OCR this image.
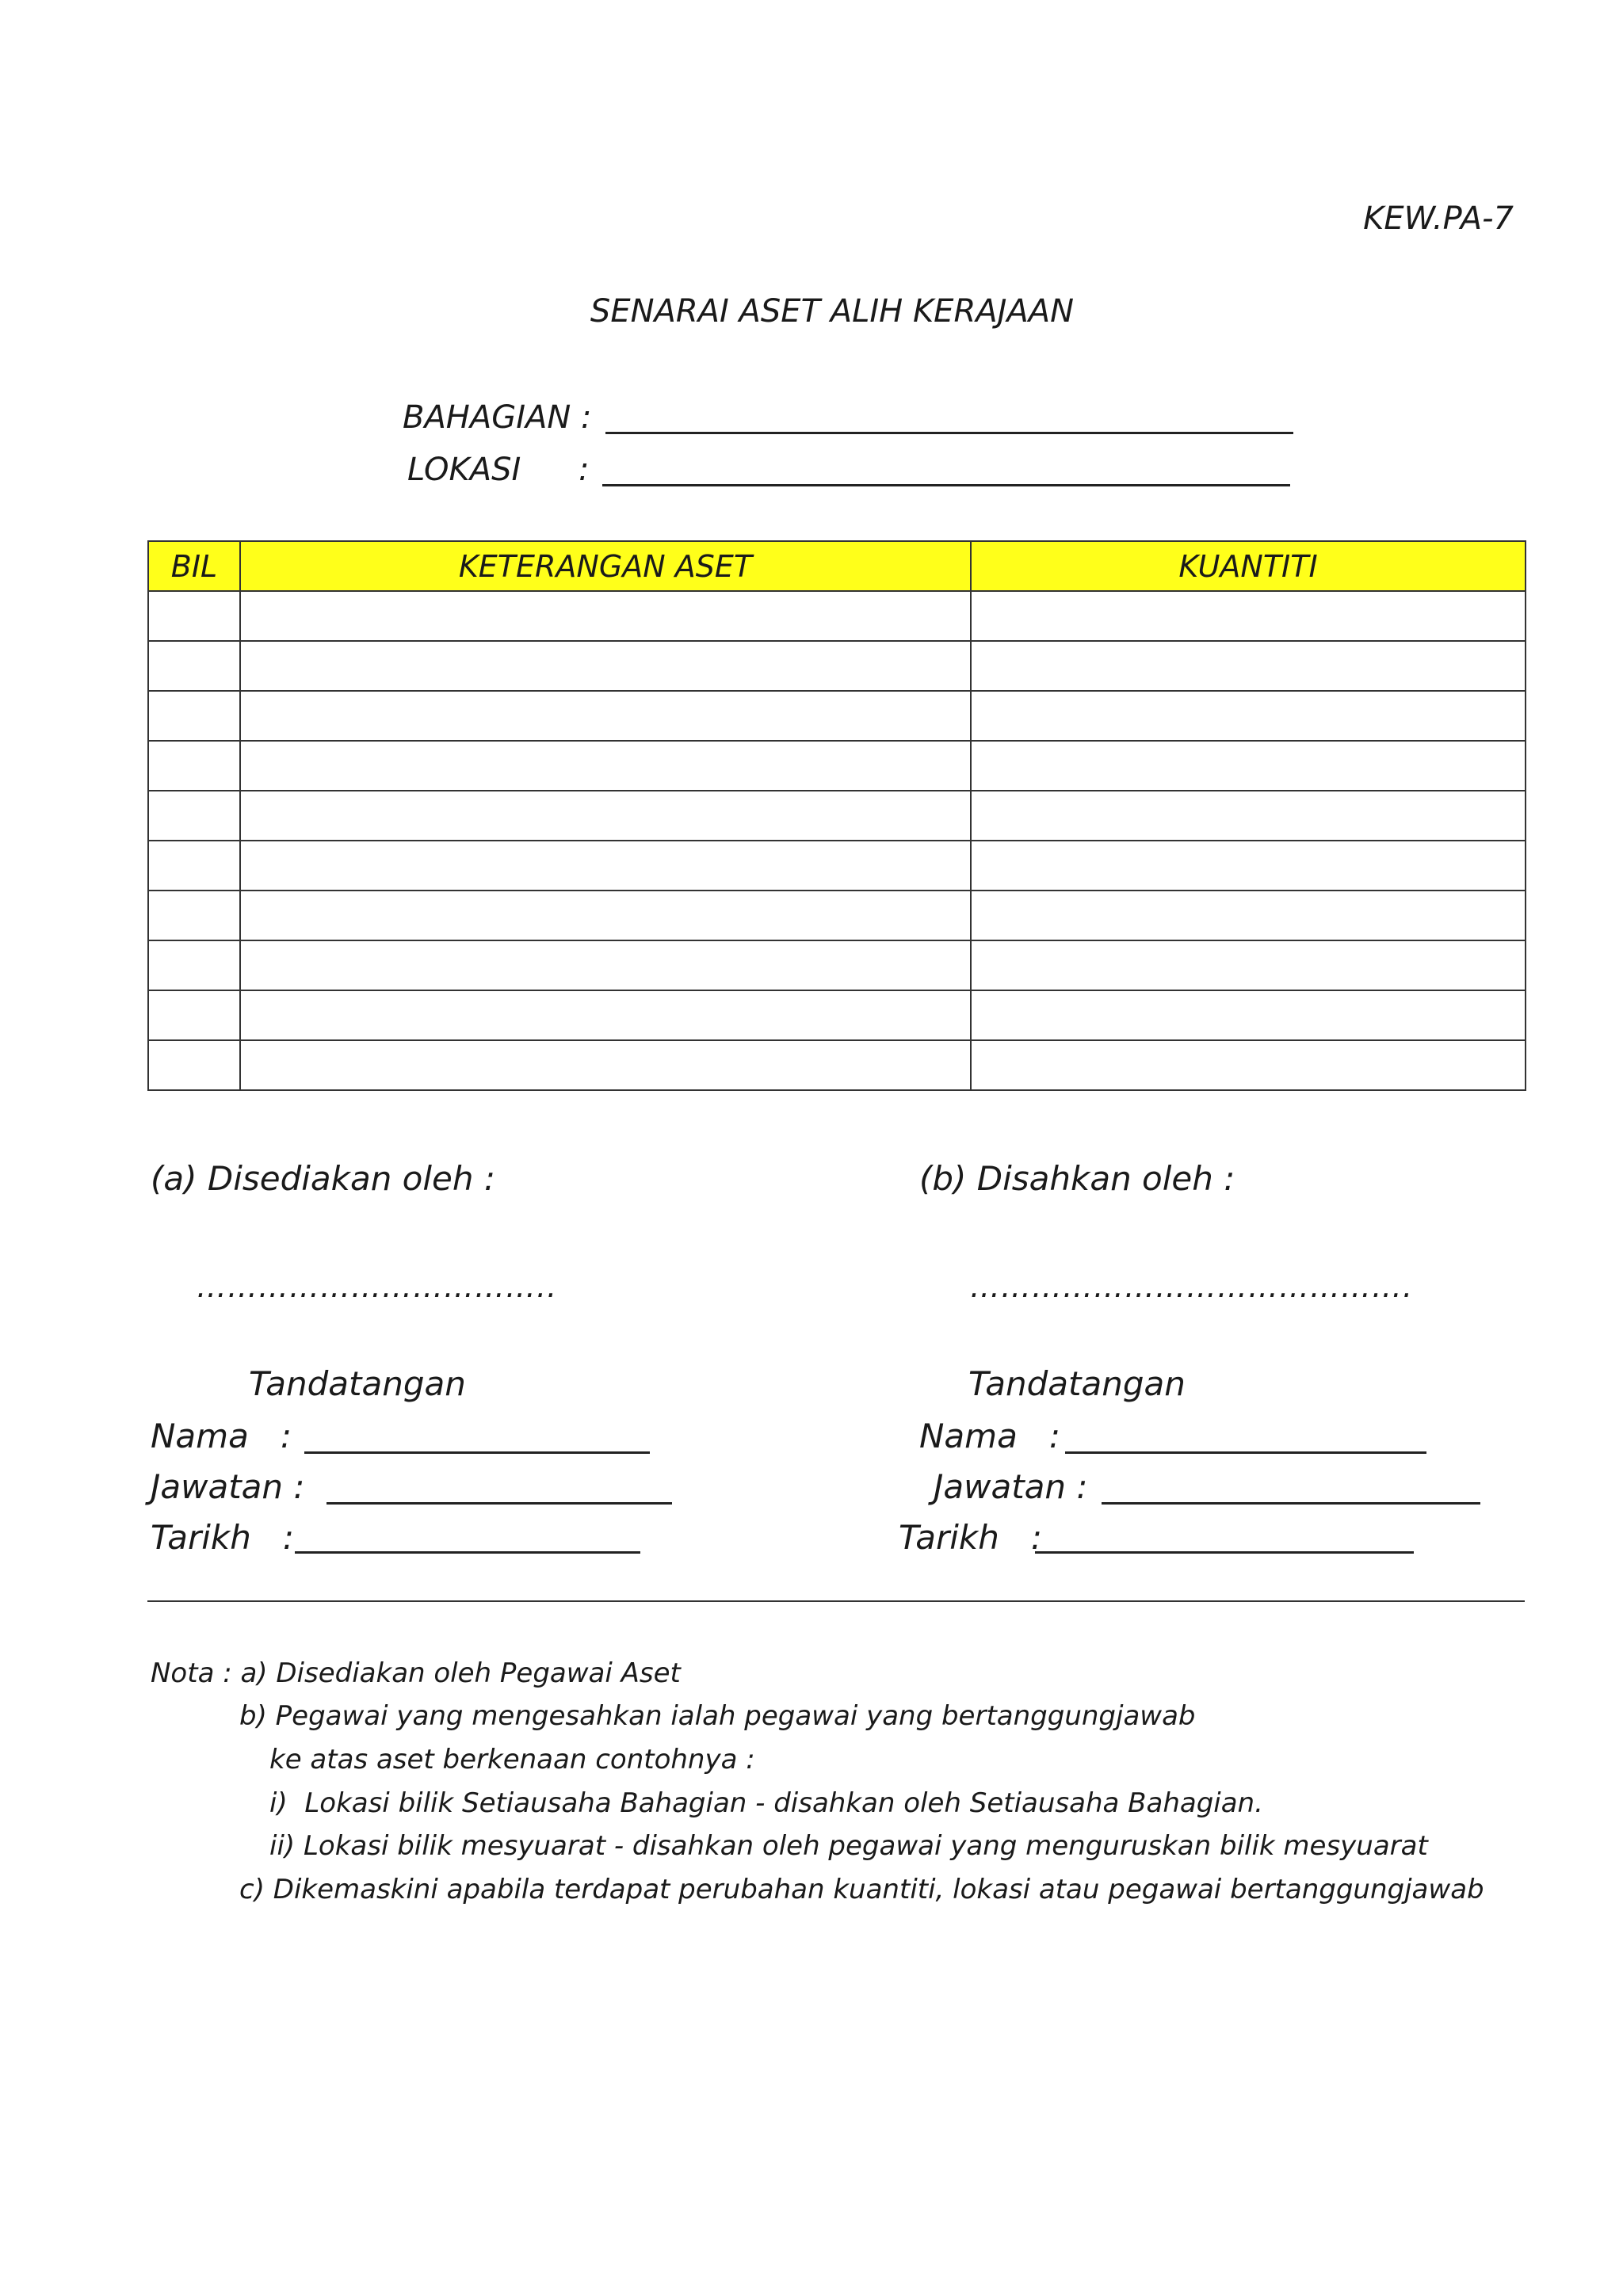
KEW.PA-7
SENARAI ASET ALIH KERAJAAN
BAHAGIAN :
LOKASI :
BIL	KETERANGAN ASET	KUANTITI

(a) Disediakan oleh :
……………………………..
Tandatangan
Nama   :
Jawatan :
Tarikh   :
(b) Disahkan oleh :
…………………………………….
Tandatangan
Nama   :
Jawatan :
Tarikh   :
Nota : a) Disediakan oleh Pegawai Aset
b) Pegawai yang mengesahkan ialah pegawai yang bertanggungjawab
ke atas aset berkenaan contohnya :
i)  Lokasi bilik Setiausaha Bahagian - disahkan oleh Setiausaha Bahagian.
ii) Lokasi bilik mesyuarat - disahkan oleh pegawai yang menguruskan bilik mesyuarat
c) Dikemaskini apabila terdapat perubahan kuantiti, lokasi atau pegawai bertanggungjawab
